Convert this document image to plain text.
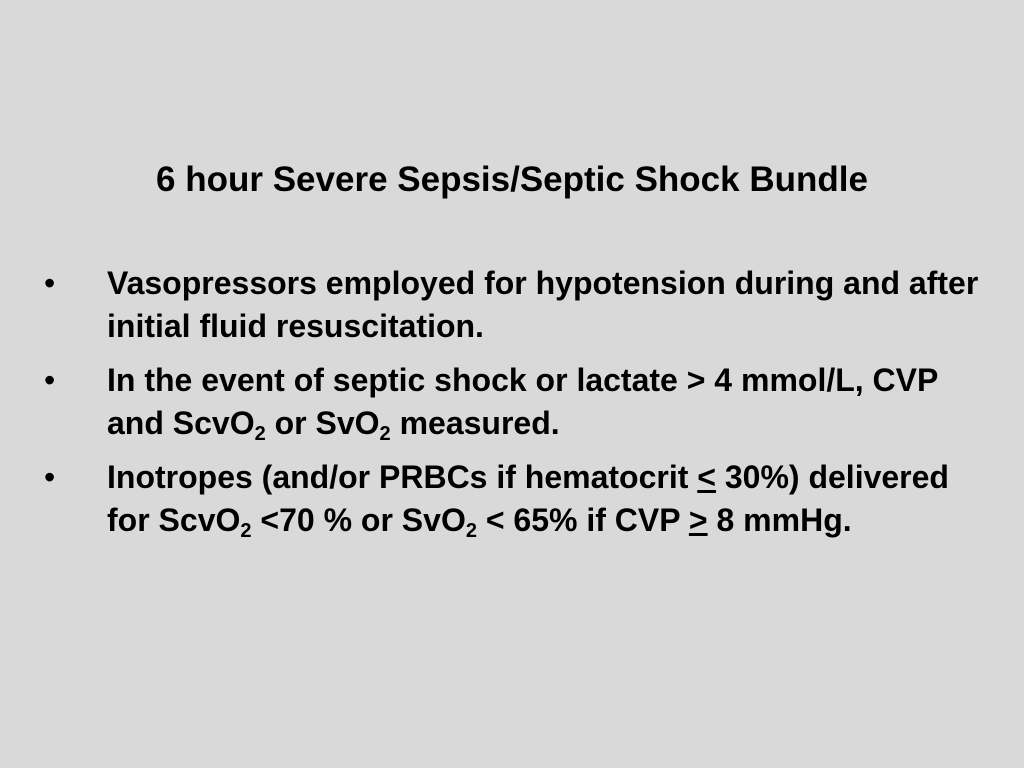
6 hour Severe Sepsis/Septic Shock Bundle
• Vasopressors employed for hypotension during and after initial fluid resuscitation.
• In the event of septic shock or lactate > 4 mmol/L, CVP and ScvO$_2$ or SvO$_2$ measured.
• Inotropes (and/or PRBCs if hematocrit ≤ 30%) delivered for ScvO$_2$ <70 % or SvO$_2$ < 65% if CVP ≥ 8 mmHg.
